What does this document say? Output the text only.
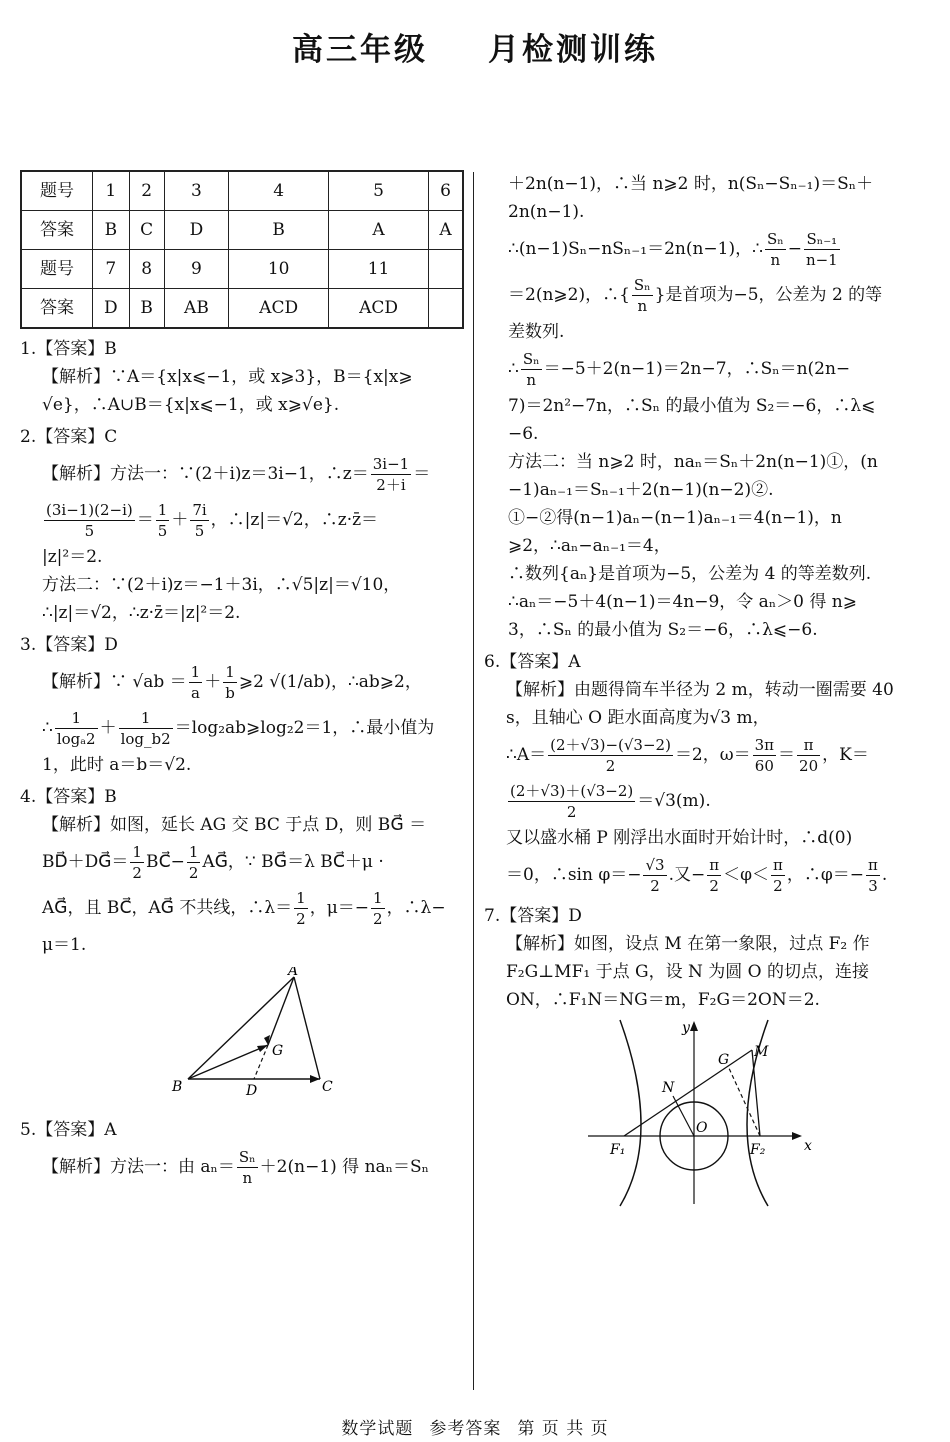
高三年级 月检测训练
题号	1	2	3	4	5	6
答案	B	C	D	B	A	A
题号	7	8	9	10	11	
答案	D	B	AB	ACD	ACD	
1.【答案】B
【解析】∵A＝{x|x⩽−1，或 x⩾3}，B＝{x|x⩾
√e}，∴A∪B＝{x|x⩽−1，或 x⩾√e}.
2.【答案】C
【解析】方法一：∵(2＋i)z＝3i−1，∴z＝ $\frac{3i-1}{2+i}$ ＝
$\frac{(3i-1)(2-i)}{5} = \frac{1}{5} + \frac{7i}{5}$ ，∴|z|＝√2，∴z·z̄＝
|z|²＝2.
方法二：∵(2＋i)z＝−1＋3i，∴√5|z|＝√10，
∴|z|＝√2，∴z·z̄＝|z|²＝2.
3.【答案】D
【解析】∵ $√ab = \frac{1}{a} + \frac{1}{b}$ ⩾2 √(1/ab)，∴ab⩾2，
∴ $\frac{1}{\text{logₐ2}} + \frac{1}{\log\_b2}$ ＝log₂ab⩾log₂2＝1，∴最小值为
1，此时 a＝b＝√2.
4.【答案】B
【解析】如图，延长 AG 交 BC 于点 D，则 BG⃗ ＝
BD⃗＋DG⃗＝ $\frac{1}{2}$ BC⃗− $\frac{1}{2}$ AG⃗，∵ BG⃗＝λ BC⃗＋μ ·
AG⃗，且 BC⃗，AG⃗ 不共线，∴λ＝ $\frac{1}{2}$ ，$\mu=- \frac{1}{2}$ ，∴λ−
μ＝1.
A
B	C
D
G
5.【答案】A
【解析】方法一：由 $a_n= \frac{\text{Sₙ}}{n} +2(n-1)$ 得 naₙ＝Sₙ
＋2n(n−1)，∴当 n⩾2 时，n(Sₙ−Sₙ₋₁)＝Sₙ＋
2n(n−1).
∴(n−1)Sₙ−nSₙ₋₁＝2n(n−1)，∴ $\frac{\text{Sₙ}}{n} - \frac{\text{Sₙ₋₁}}{n-1}$
＝2(n⩾2)，∴{ $\frac{\text{Sₙ}}{n}$ }是首项为−5，公差为 2 的等
差数列.
∴ $\frac{\text{Sₙ}}{n} =-5+2(n-1)=2n-7$，∴Sₙ＝n(2n−
7)＝2n²−7n，∴Sₙ 的最小值为 S₂＝−6，∴λ⩽
−6.
方法二：当 n⩾2 时，naₙ＝Sₙ＋2n(n−1)①，(n
−1)aₙ₋₁＝Sₙ₋₁＋2(n−1)(n−2)②.
①−②得(n−1)aₙ−(n−1)aₙ₋₁＝4(n−1)，n
⩾2，∴aₙ−aₙ₋₁＝4，
∴数列{aₙ}是首项为−5，公差为 4 的等差数列.
∴aₙ＝−5＋4(n−1)＝4n−9，令 aₙ＞0 得 n⩾
3，∴Sₙ 的最小值为 S₂＝−6，∴λ⩽−6.
6.【答案】A
【解析】由题得筒车半径为 2 m，转动一圈需要 40
s，且轴心 O 距水面高度为√3 m，
∴A＝ $\frac{(2+√3)-(√3-2)}{2} =2$，$\omega= \frac{3\pi}{60} = \frac{\pi}{20}$ ，K＝
$\frac{(2+√3)+(√3-2)}{2} =√3(m)$.
又以盛水桶 P 刚浮出水面时开始计时，∴d(0)
＝0，∴sin $\varphi=- \frac{√3}{2}$ .又− $\frac{\pi}{2} <\varphi< \frac{\pi}{2}$ ，∴φ＝− $\frac{\pi}{3}$ .
7.【答案】D
【解析】如图，设点 M 在第一象限，过点 F₂ 作
F₂G⊥MF₁ 于点 G，设 N 为圆 O 的切点，连接
ON，∴F₁N＝NG＝m，F₂G＝2ON＝2.
y
x
O
M
G
N
F₁	F₂
数学试题 参考答案 第 页 共 页
